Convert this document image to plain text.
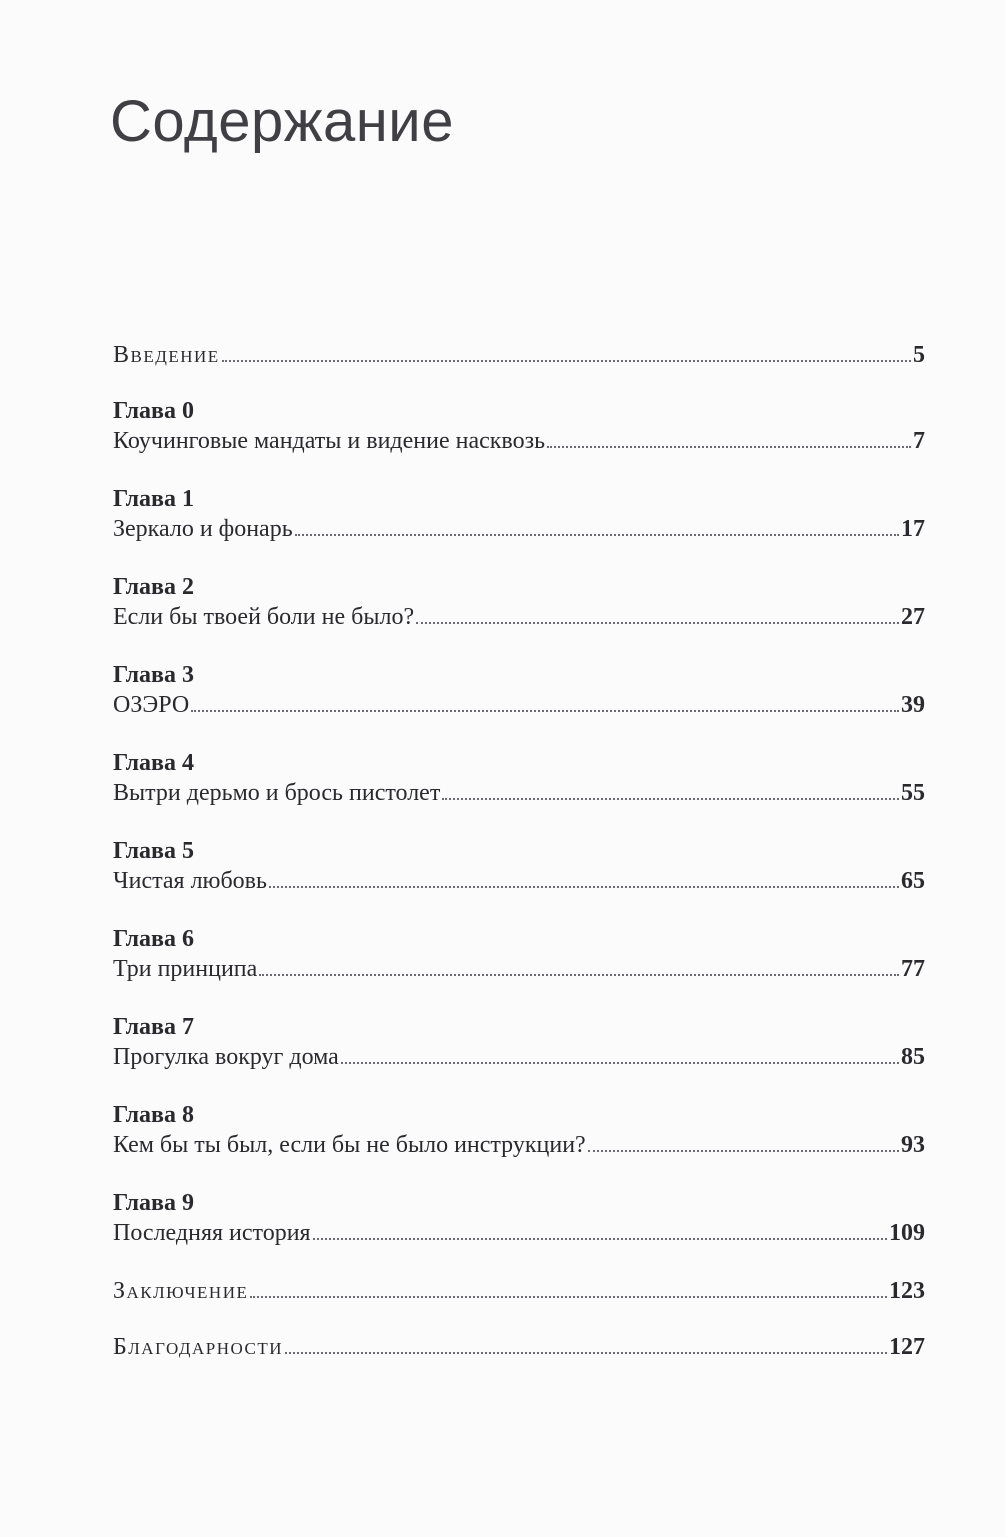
Содержание
Введение	5
Глава 0
Коучинговые мандаты и видение насквозь	7
Глава 1
Зеркало и фонарь	17
Глава 2
Если бы твоей боли не было?	27
Глава 3
ОЗЭРО	39
Глава 4
Вытри дерьмо и брось пистолет	55
Глава 5
Чистая любовь	65
Глава 6
Три принципа	77
Глава 7
Прогулка вокруг дома	85
Глава 8
Кем бы ты был, если бы не было инструкции?	93
Глава 9
Последняя история	109
Заключение	123
Благодарности	127
